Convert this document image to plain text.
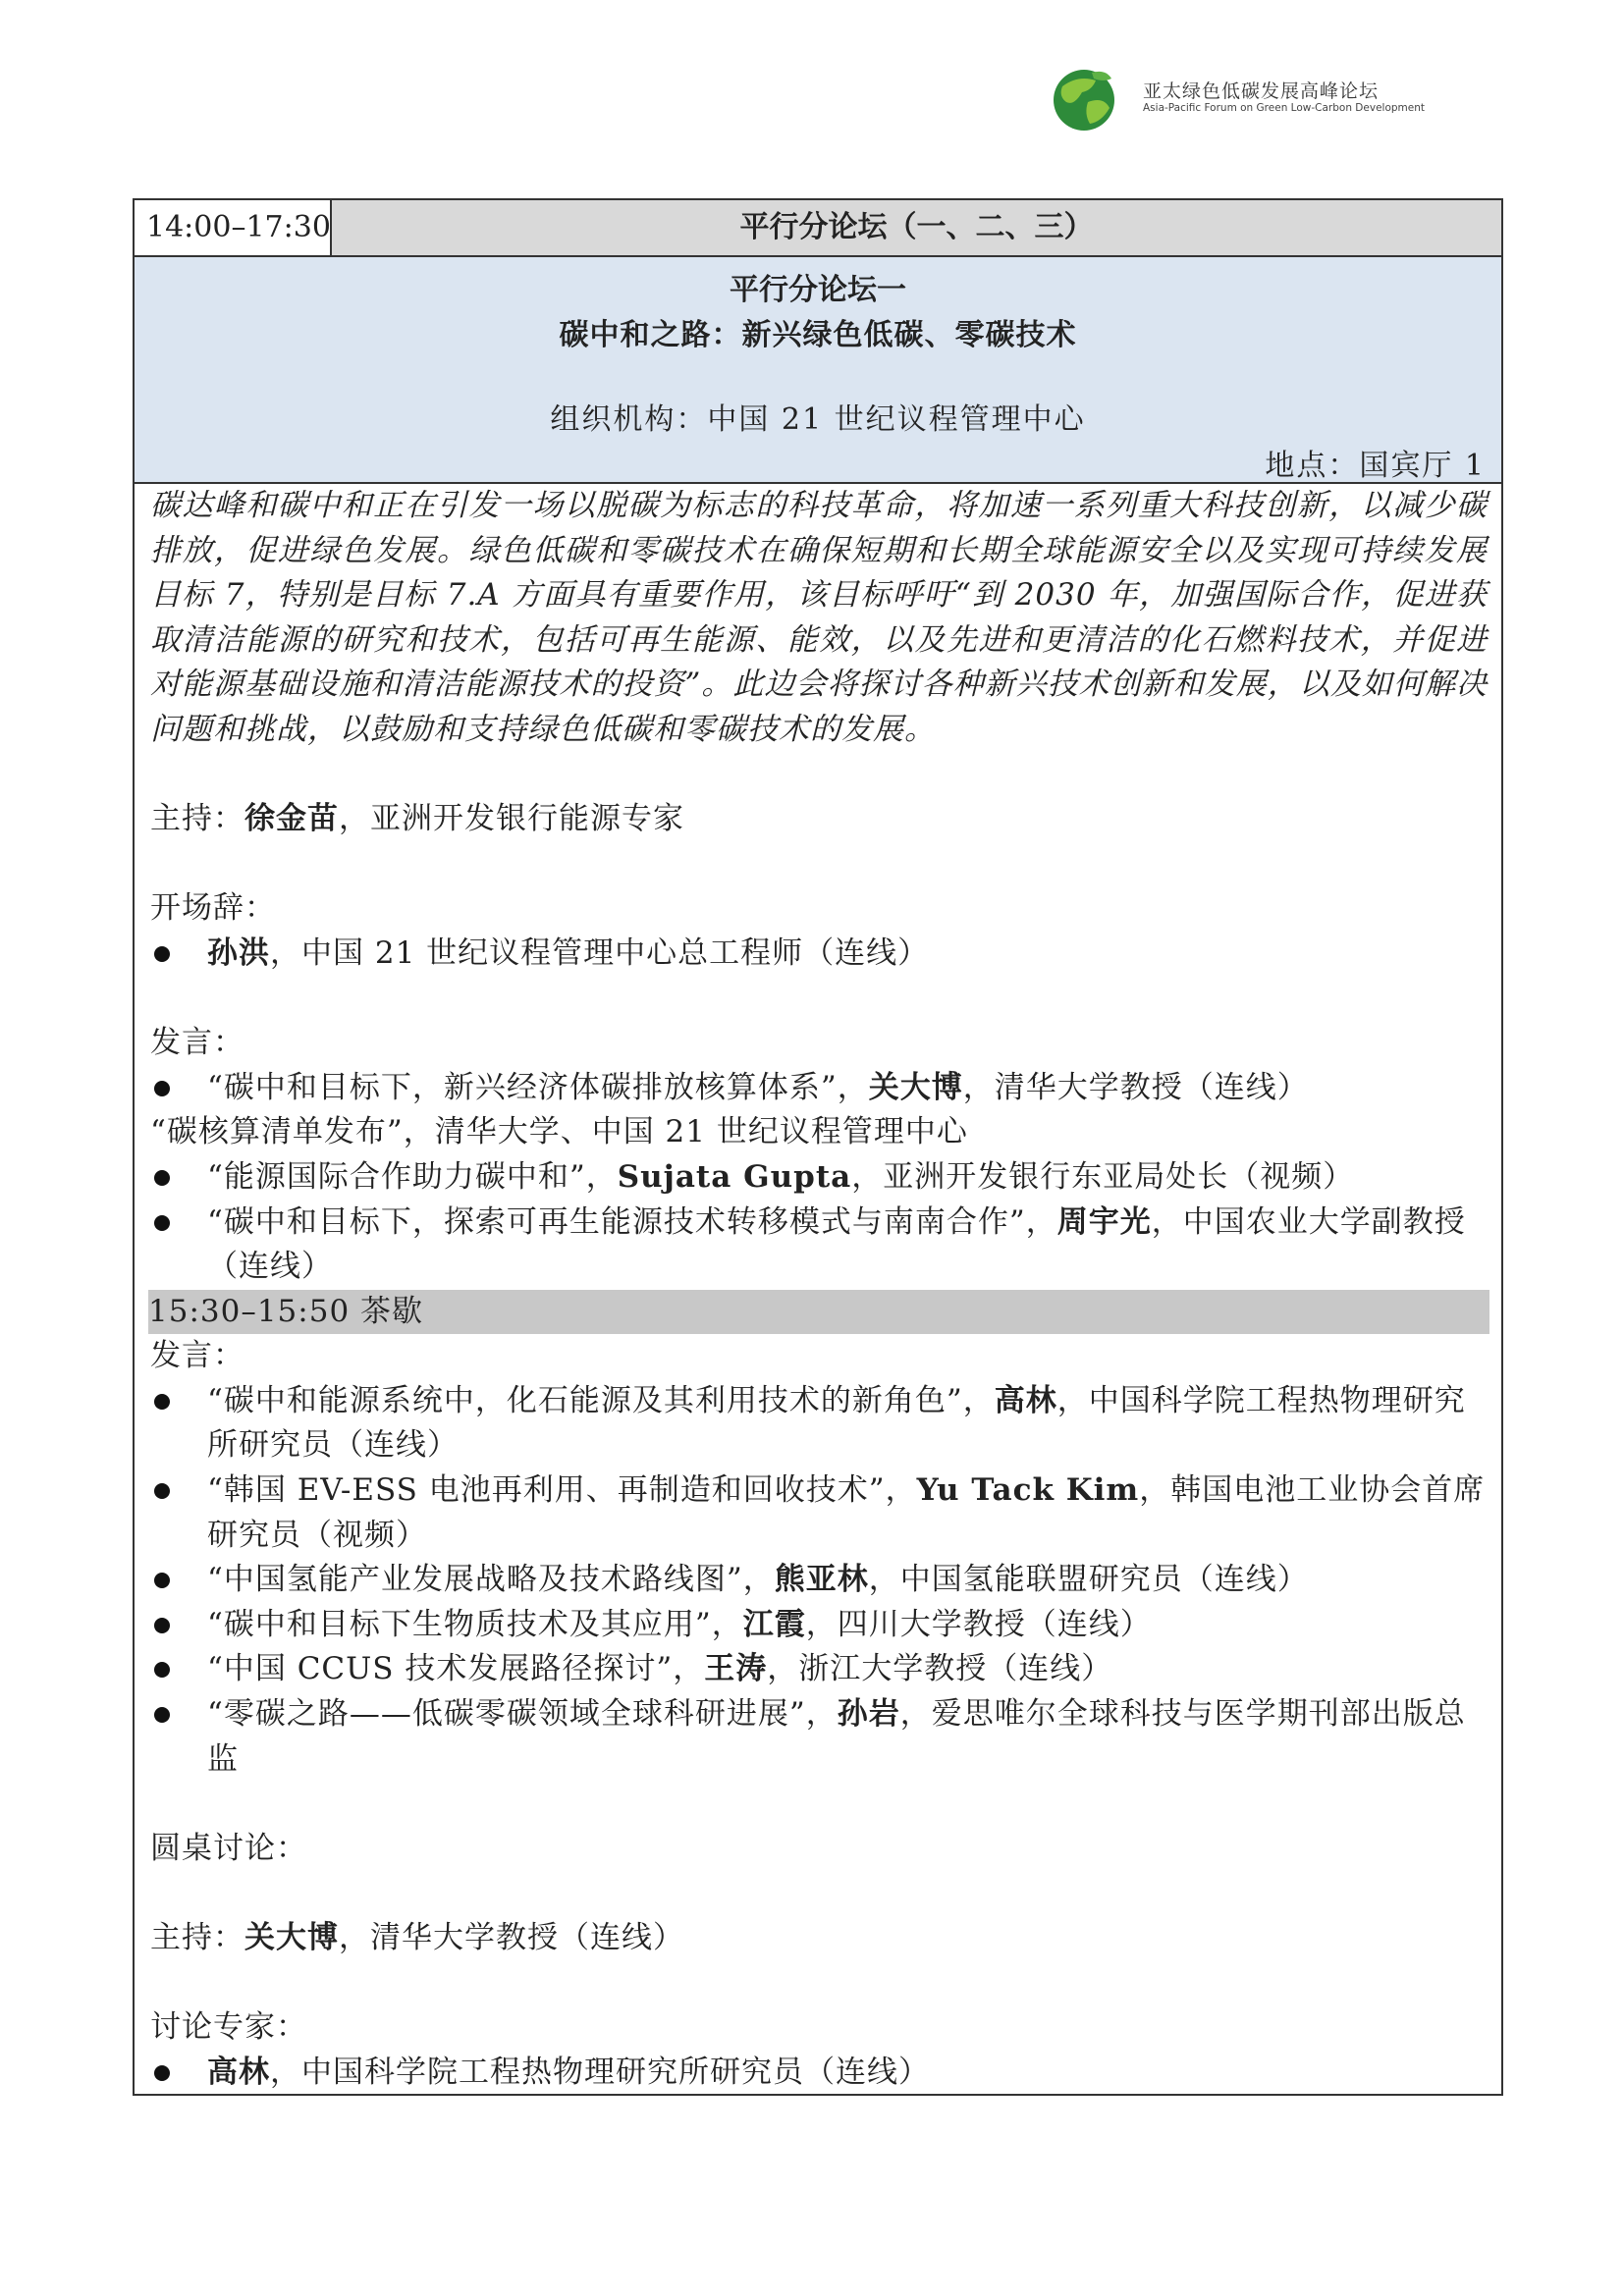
亚太绿色低碳发展高峰论坛
Asia-Pacific Forum on Green Low-Carbon Development
14:00–17:30	平行分论坛（一、二、三）
平行分论坛一
碳中和之路：新兴绿色低碳、零碳技术
组织机构：中国 21 世纪议程管理中心
地点：国宾厅 1

碳达峰和碳中和正在引发一场以脱碳为标志的科技革命，将加速一系列重大科技创新，以减少碳排放，促进绿色发展。绿色低碳和零碳技术在确保短期和长期全球能源安全以及实现可持续发展目标 7，特别是目标 7.A 方面具有重要作用，该目标呼吁“到 2030 年，加强国际合作，促进获取清洁能源的研究和技术，包括可再生能源、能效，以及先进和更清洁的化石燃料技术，并促进对能源基础设施和清洁能源技术的投资”。此边会将探讨各种新兴技术创新和发展，以及如何解决问题和挑战，以鼓励和支持绿色低碳和零碳技术的发展。

主持：徐金苗，亚洲开发银行能源专家
开场辞：
孙洪，中国 21 世纪议程管理中心总工程师（连线）
发言：
“碳中和目标下，新兴经济体碳排放核算体系”，关大博，清华大学教授（连线）
“碳核算清单发布”，清华大学、中国 21 世纪议程管理中心
“能源国际合作助力碳中和”，Sujata Gupta，亚洲开发银行东亚局处长（视频）
“碳中和目标下，探索可再生能源技术转移模式与南南合作”，周宇光，中国农业大学副教授（连线）
15:30–15:50 茶歇
发言：
“碳中和能源系统中，化石能源及其利用技术的新角色”，高林，中国科学院工程热物理研究所研究员（连线）
“韩国 EV-ESS 电池再利用、再制造和回收技术”，Yu Tack Kim，韩国电池工业协会首席研究员（视频）
“中国氢能产业发展战略及技术路线图”，熊亚林，中国氢能联盟研究员（连线）
“碳中和目标下生物质技术及其应用”，江霞，四川大学教授（连线）
“中国 CCUS 技术发展路径探讨”，王涛，浙江大学教授（连线）
“零碳之路——低碳零碳领域全球科研进展”，孙岩，爱思唯尔全球科技与医学期刊部出版总监
圆桌讨论：
主持：关大博，清华大学教授（连线）
讨论专家：
高林，中国科学院工程热物理研究所研究员（连线）
